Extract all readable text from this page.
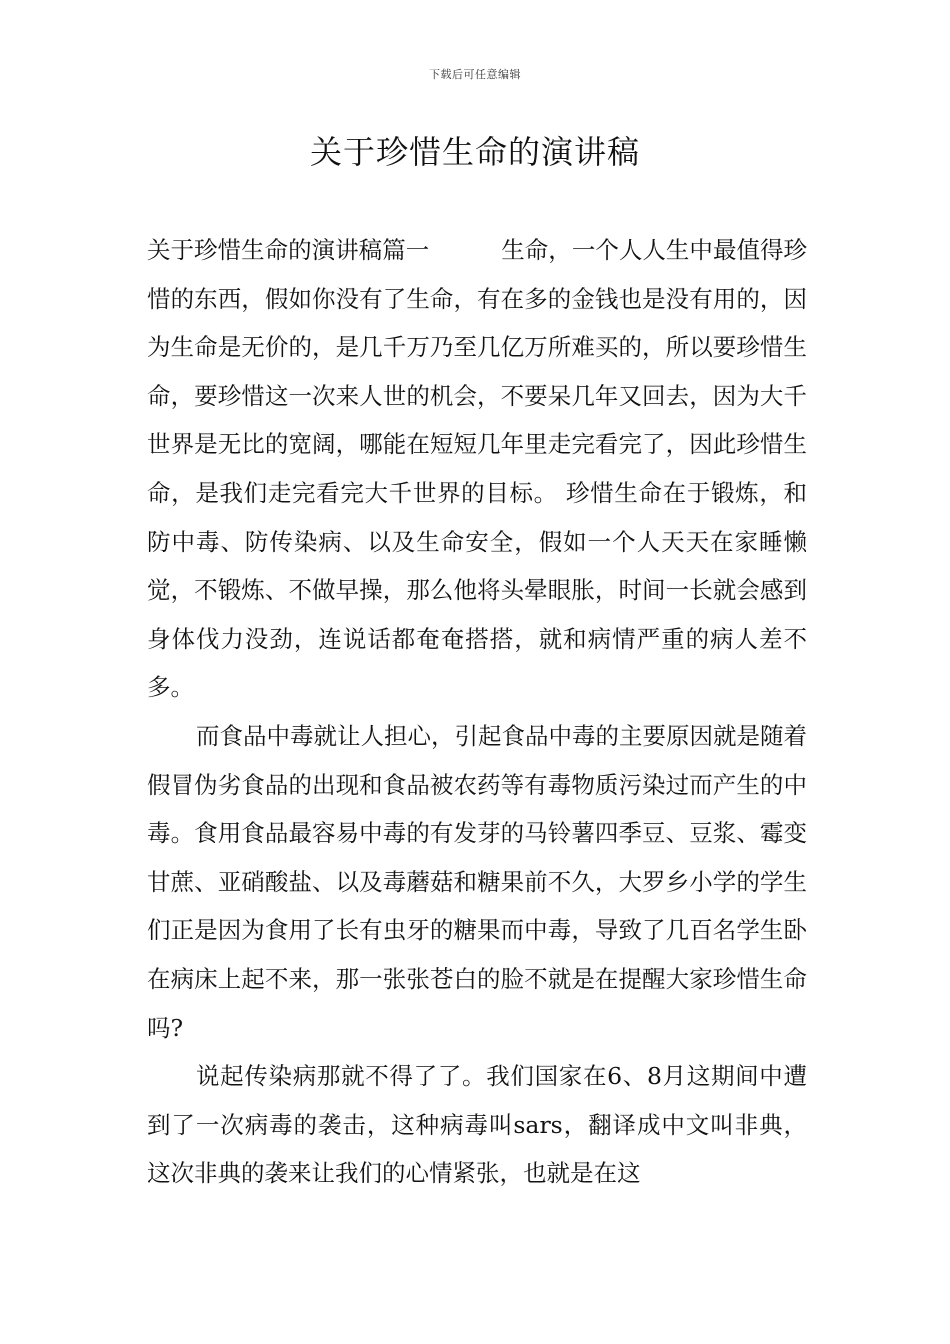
下载后可任意编辑
关于珍惜生命的演讲稿

关于珍惜生命的演讲稿篇一	生命，一个人人生中最值得珍惜的东西，假如你没有了生命，有在多的金钱也是没有用的，因为生命是无价的，是几千万乃至几亿万所难买的，所以要珍惜生命，要珍惜这一次来人世的机会，不要呆几年又回去，因为大千世界是无比的宽阔，哪能在短短几年里走完看完了，因此珍惜生命，是我们走完看完大千世界的目标。 珍惜生命在于锻炼，和防中毒、防传染病、以及生命安全，假如一个人天天在家睡懒觉，不锻炼、不做早操，那么他将头晕眼胀，时间一长就会感到身体伐力没劲，连说话都奄奄搭搭，就和病情严重的病人差不多。

而食品中毒就让人担心，引起食品中毒的主要原因就是随着假冒伪劣食品的出现和食品被农药等有毒物质污染过而产生的中毒。食用食品最容易中毒的有发芽的马铃薯四季豆、豆浆、霉变甘蔗、亚硝酸盐、以及毒蘑菇和糖果前不久，大罗乡小学的学生们正是因为食用了长有虫牙的糖果而中毒，导致了几百名学生卧在病床上起不来，那一张张苍白的脸不就是在提醒大家珍惜生命吗?

说起传染病那就不得了了。我们国家在6、8月这期间中遭到了一次病毒的袭击，这种病毒叫sars，翻译成中文叫非典，这次非典的袭来让我们的心情紧张，也就是在这
